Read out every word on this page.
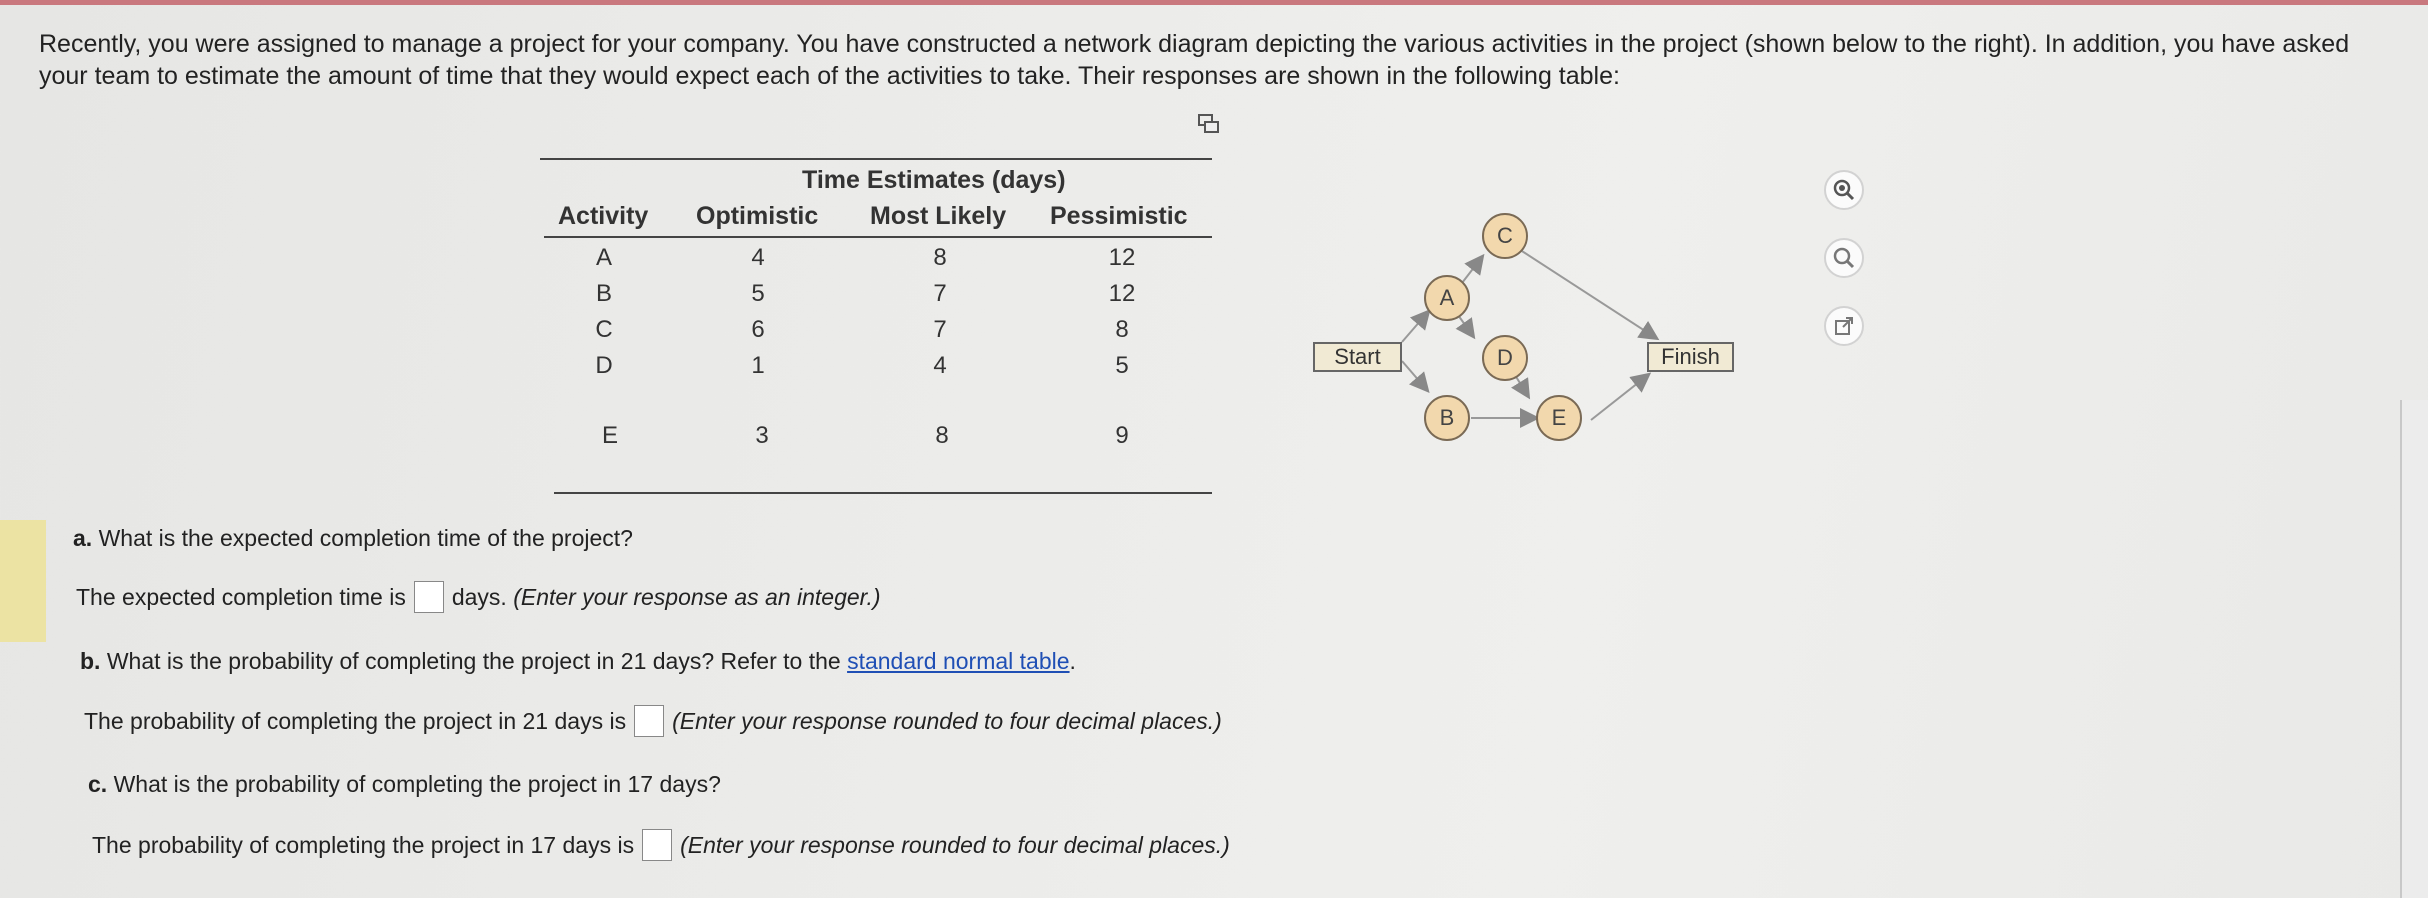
Recently, you were assigned to manage a project for your company. You have constructed a network diagram depicting the various activities in the project (shown below to the right). In addition, you have asked your team to estimate the amount of time that they would expect each of the activities to take. Their responses are shown in the following table:
Time Estimates (days)
Activity Optimistic Most Likely Pessimistic
A	4	8	12
B	5	7	12
C	6	7	8
D	1	4	5
E	3	8	9
Start	Finish
A
B
C
D
E
a. What is the expected completion time of the project?
The expected completion time is days.
(Enter your response as an integer.)
b. What is the probability of completing the project in 21 days? Refer to the standard normal table.
The probability of completing the project in 21 days is (Enter your response rounded to four decimal places.)
c. What is the probability of completing the project in 17 days?
The probability of completing the project in 17 days is (Enter your response rounded to four decimal places.)
